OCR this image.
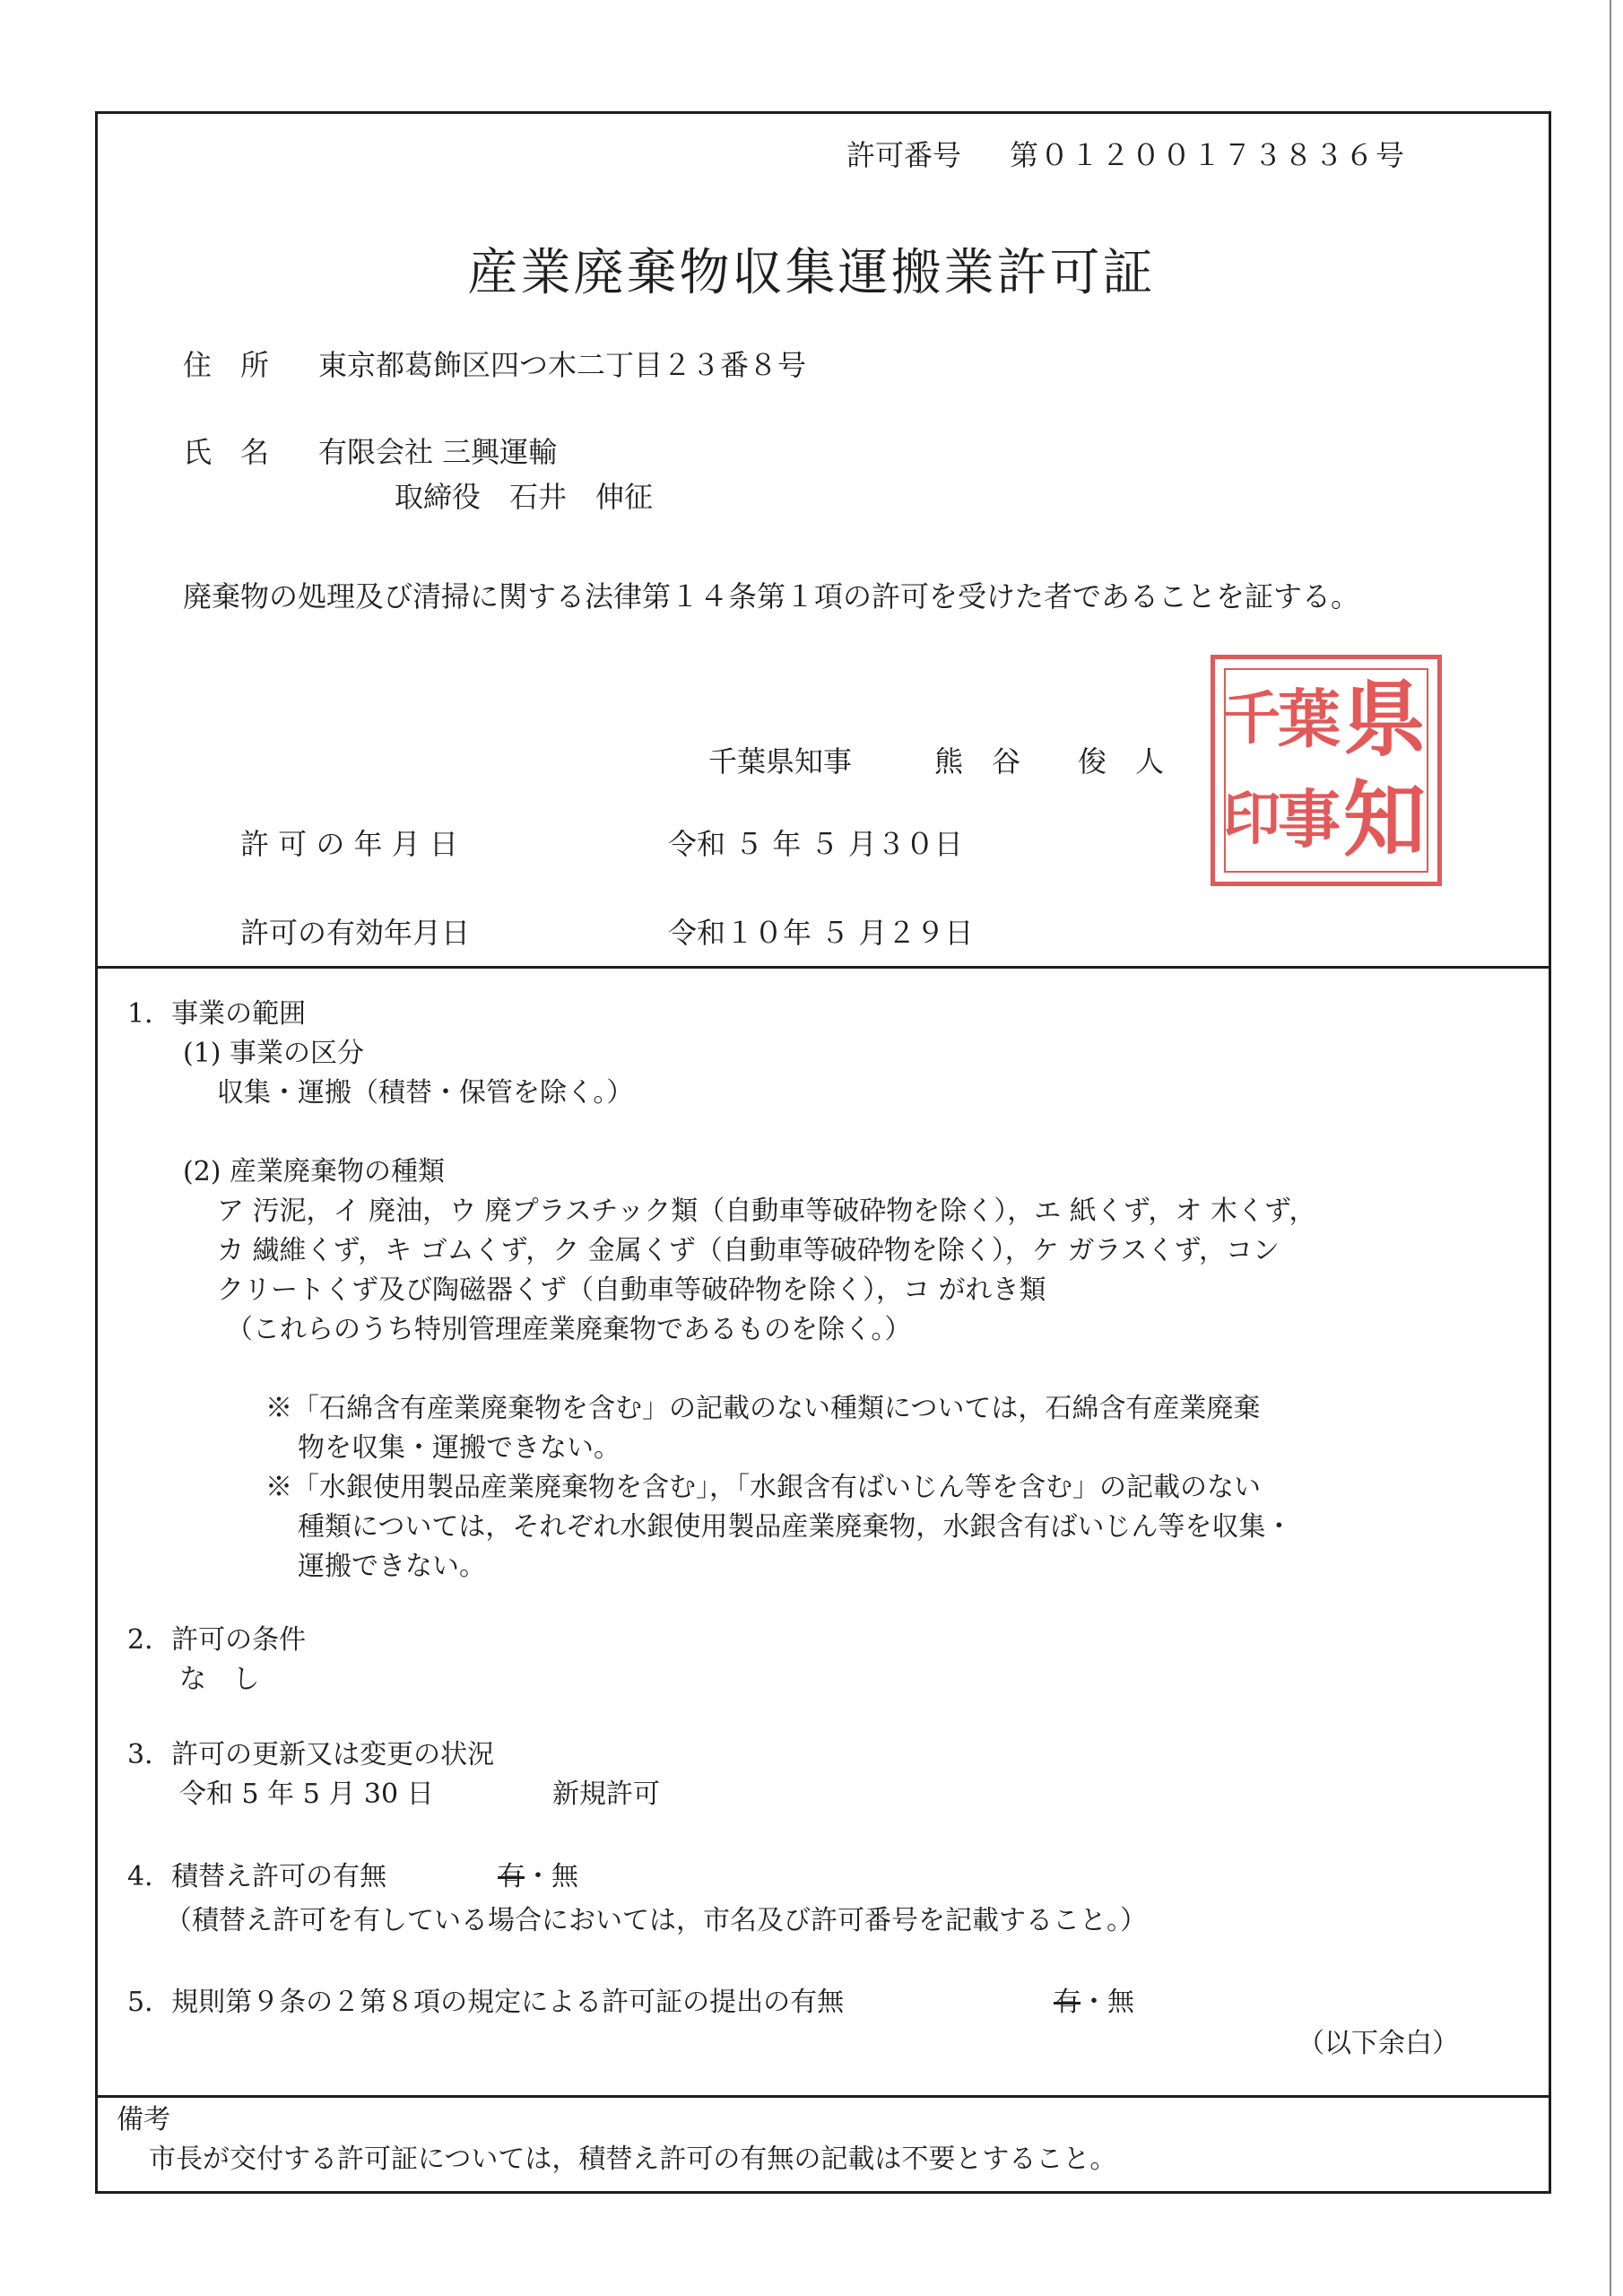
許可番号 第０１２００１７３８３６号
産業廃棄物収集運搬業許可証
住　所 東京都葛飾区四つ木二丁目２３番８号
氏　名 有限会社 三興運輸
取締役　石井　伸征
廃棄物の処理及び清掃に関する法律第１４条第１項の許可を受けた者であることを証する。
千葉県知事	熊　谷　　俊　人 県
知
葉
事
千
印
許 可 の 年 月 日	令和 ５ 年 ５ 月３０日
許可の有効年月日	令和１０年 ５ 月２９日
1．事業の範囲
(1) 事業の区分
収集・運搬（積替・保管を除く。）
(2) 産業廃棄物の種類
ア 汚泥，イ 廃油，ウ 廃プラスチック類（自動車等破砕物を除く），エ 紙くず，オ 木くず，
カ 繊維くず，キ ゴムくず，ク 金属くず（自動車等破砕物を除く），ケ ガラスくず，コン
クリートくず及び陶磁器くず（自動車等破砕物を除く），コ がれき類
（これらのうち特別管理産業廃棄物であるものを除く。）
※「石綿含有産業廃棄物を含む」の記載のない種類については，石綿含有産業廃棄
物を収集・運搬できない。
※「水銀使用製品産業廃棄物を含む」，「水銀含有ばいじん等を含む」の記載のない
種類については，それぞれ水銀使用製品産業廃棄物，水銀含有ばいじん等を収集・
運搬できない。
2．許可の条件
な し
3．許可の更新又は変更の状況
令和 5 年 5 月 30 日	新規許可
4．積替え許可の有無	有・無
（積替え許可を有している場合においては，市名及び許可番号を記載すること。）
5．規則第９条の２第８項の規定による許可証の提出の有無	有・無
（以下余白）
備考
市長が交付する許可証については，積替え許可の有無の記載は不要とすること。
